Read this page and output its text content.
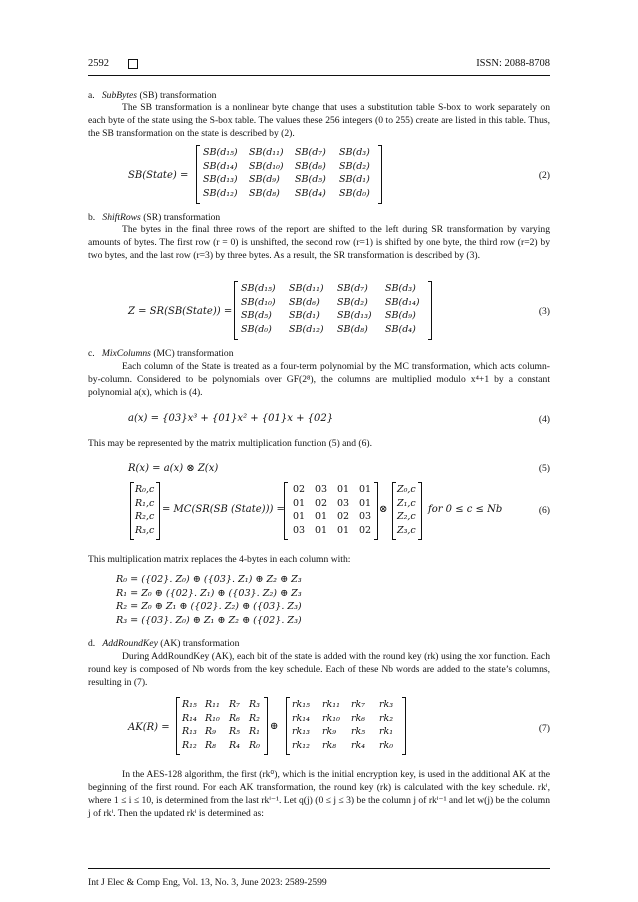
2592	ISSN: 2088-8708
a. SubBytes (SB) transformation
The SB transformation is a nonlinear byte change that uses a substitution table S-box to work separately on each byte of the state using the S-box table. The values these 256 integers (0 to 255) create are listed in this table. Thus, the SB transformation on the state is described by (2).
SB(State) =
SB(d₁₅) SB(d₁₁) SB(d₇) SB(d₃)
SB(d₁₄) SB(d₁₀) SB(d₆) SB(d₂)
SB(d₁₃) SB(d₉) SB(d₅) SB(d₁)
SB(d₁₂) SB(d₈) SB(d₄) SB(d₀)
(2)
b. ShiftRows (SR) transformation
The bytes in the final three rows of the report are shifted to the left during SR transformation by varying amounts of bytes. The first row (r = 0) is unshifted, the second row (r=1) is shifted by one byte, the third row (r=2) by two bytes, and the last row (r=3) by three bytes. As a result, the SR transformation is described by (3).
Z = SR(SB(State)) =
SB(d₁₅) SB(d₁₁) SB(d₇) SB(d₃)
SB(d₁₀) SB(d₆) SB(d₂) SB(d₁₄)
SB(d₅) SB(d₁) SB(d₁₃) SB(d₉)
SB(d₀) SB(d₁₂) SB(d₈) SB(d₄)
(3)
c. MixColumns (MC) transformation
Each column of the State is treated as a four-term polynomial by the MC transformation, which acts column-by-column. Considered to be polynomials over GF(2⁸), the columns are multiplied modulo x⁴+1 by a constant polynomial a(x), which is (4).
a(x) = {03}x³ + {01}x² + {01}x + {02}	(4)
This may be represented by the matrix multiplication function (5) and (6).
R(x) = a(x) ⊗ Z(x)	(5)
R₀,c
R₁,c
R₂,c
R₃,c
= MC(SR(SB (State))) =
02 03 01 01
01 02 03 01
01 01 02 03
03 01 01 02
⊗
Z₀,c
Z₁,c
Z₂,c
Z₃,c
for 0 ≤ c ≤ Nb	(6)
This multiplication matrix replaces the 4-bytes in each column with:
R₀ = ({02}. Z₀) ⊕ ({03}. Z₁) ⊕ Z₂ ⊕ Z₃
R₁ = Z₀ ⊕ ({02}. Z₁) ⊕ ({03}. Z₂) ⊕ Z₃
R₂ = Z₀ ⊕ Z₁ ⊕ ({02}. Z₂) ⊕ ({03}. Z₃)
R₃ = ({03}. Z₀) ⊕ Z₁ ⊕ Z₂ ⊕ ({02}. Z₃)
d. AddRoundKey (AK) transformation
During AddRoundKey (AK), each bit of the state is added with the round key (rk) using the xor function. Each round key is composed of Nb words from the key schedule. Each of these Nb words are added to the state’s columns, resulting in (7).
AK(R) =
R₁₅ R₁₁ R₇ R₃
R₁₄ R₁₀ R₆ R₂
R₁₃ R₉ R₅ R₁
R₁₂ R₈ R₄ R₀
⊕
rk₁₅ rk₁₁ rk₇ rk₃
rk₁₄ rk₁₀ rk₆ rk₂
rk₁₃ rk₉ rk₅ rk₁
rk₁₂ rk₈ rk₄ rk₀
(7)
In the AES-128 algorithm, the first (rk⁰), which is the initial encryption key, is used in the additional AK at the beginning of the first round. For each AK transformation, the round key (rk) is calculated with the key schedule. rkⁱ, where 1 ≤ i ≤ 10, is determined from the last rkⁱ⁻¹. Let q(j) (0 ≤ j ≤ 3) be the column j of rkⁱ⁻¹ and let w(j) be the column j of rkⁱ. Then the updated rkⁱ is determined as:
Int J Elec & Comp Eng, Vol. 13, No. 3, June 2023: 2589-2599
